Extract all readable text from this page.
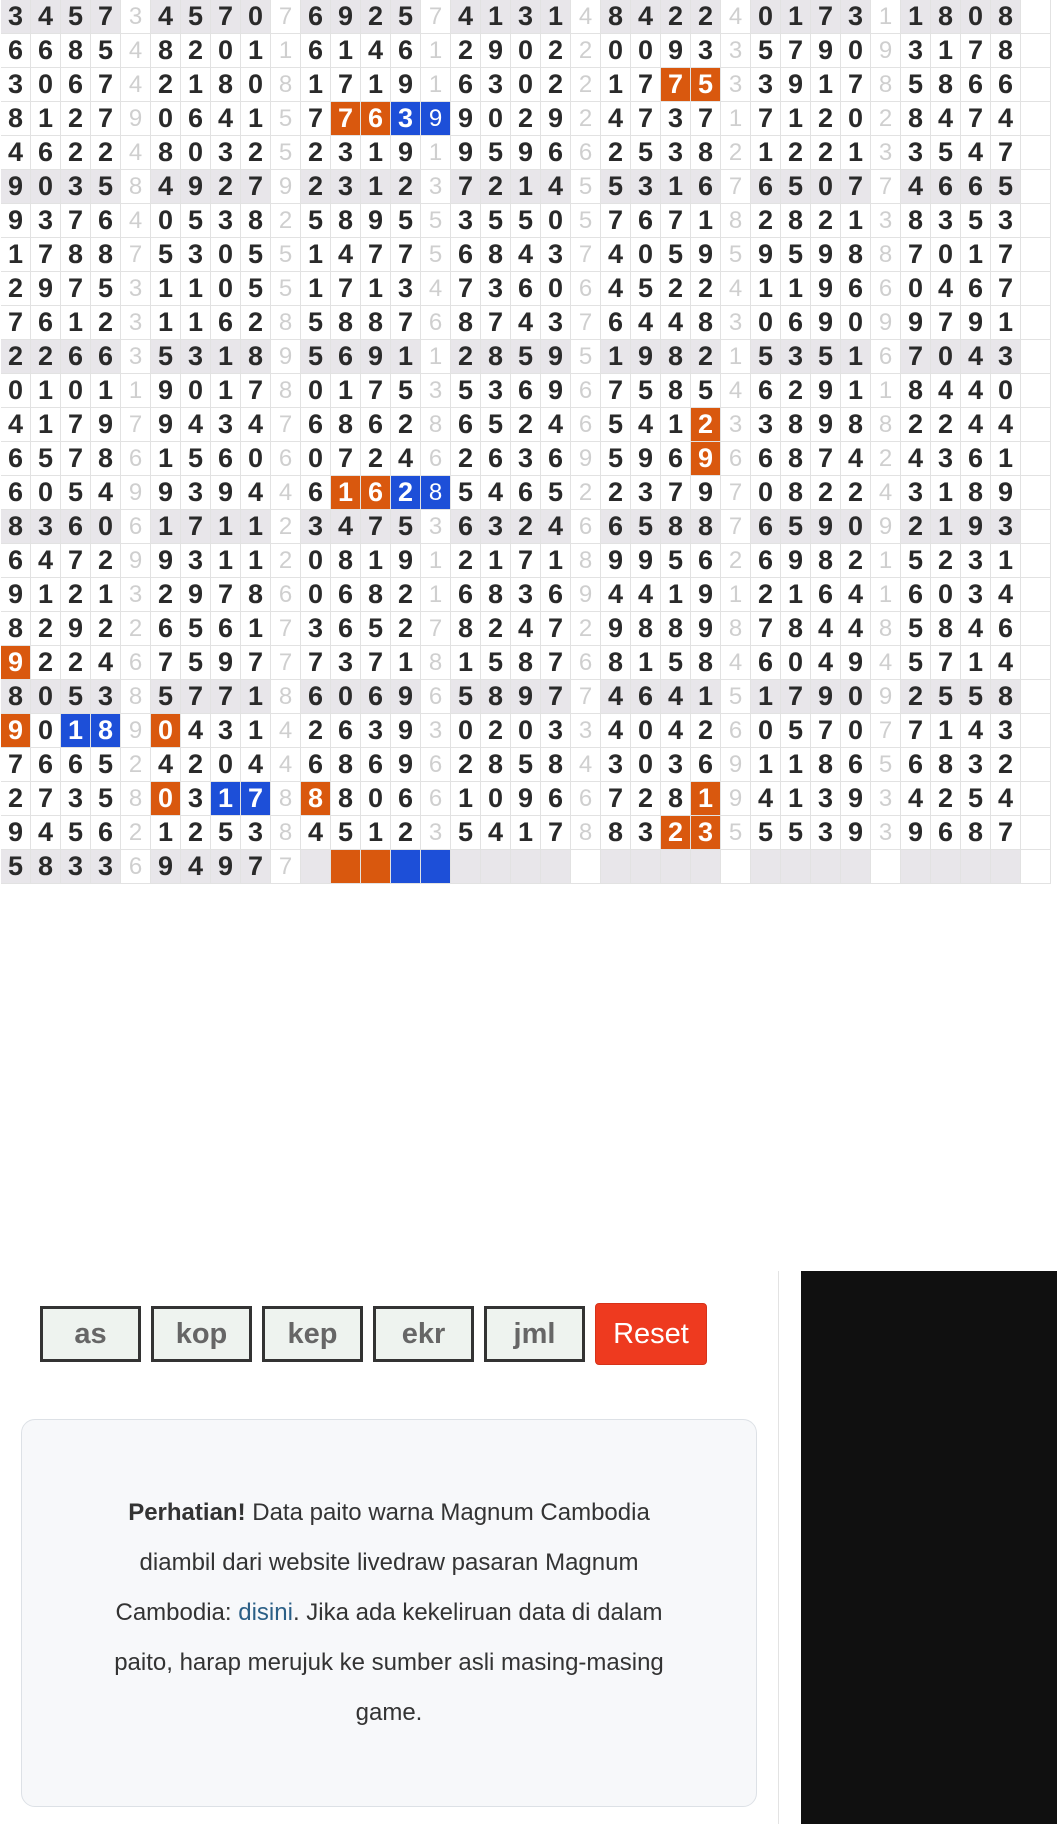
3 4 5 7 3 4 5 7 0 7 6 9 2 5 7 4 1 3 1 4 8 4 2 2 4 0 1 7 3 1 1 8 0 8
6 6 8 5 4 8 2 0 1 1 6 1 4 6 1 2 9 0 2 2 0 0 9 3 3 5 7 9 0 9 3 1 7 8
3 0 6 7 4 2 1 8 0 8 1 7 1 9 1 6 3 0 2 2 1 7 7 5 3 3 9 1 7 8 5 8 6 6
8 1 2 7 9 0 6 4 1 5 7 7 6 3 9 9 0 2 9 2 4 7 3 7 1 7 1 2 0 2 8 4 7 4
4 6 2 2 4 8 0 3 2 5 2 3 1 9 1 9 5 9 6 6 2 5 3 8 2 1 2 2 1 3 3 5 4 7
9 0 3 5 8 4 9 2 7 9 2 3 1 2 3 7 2 1 4 5 5 3 1 6 7 6 5 0 7 7 4 6 6 5
9 3 7 6 4 0 5 3 8 2 5 8 9 5 5 3 5 5 0 5 7 6 7 1 8 2 8 2 1 3 8 3 5 3
1 7 8 8 7 5 3 0 5 5 1 4 7 7 5 6 8 4 3 7 4 0 5 9 5 9 5 9 8 8 7 0 1 7
2 9 7 5 3 1 1 0 5 5 1 7 1 3 4 7 3 6 0 6 4 5 2 2 4 1 1 9 6 6 0 4 6 7
7 6 1 2 3 1 1 6 2 8 5 8 8 7 6 8 7 4 3 7 6 4 4 8 3 0 6 9 0 9 9 7 9 1
2 2 6 6 3 5 3 1 8 9 5 6 9 1 1 2 8 5 9 5 1 9 8 2 1 5 3 5 1 6 7 0 4 3
0 1 0 1 1 9 0 1 7 8 0 1 7 5 3 5 3 6 9 6 7 5 8 5 4 6 2 9 1 1 8 4 4 0
4 1 7 9 7 9 4 3 4 7 6 8 6 2 8 6 5 2 4 6 5 4 1 2 3 3 8 9 8 8 2 2 4 4
6 5 7 8 6 1 5 6 0 6 0 7 2 4 6 2 6 3 6 9 5 9 6 9 6 6 8 7 4 2 4 3 6 1
6 0 5 4 9 9 3 9 4 4 6 1 6 2 8 5 4 6 5 2 2 3 7 9 7 0 8 2 2 4 3 1 8 9
8 3 6 0 6 1 7 1 1 2 3 4 7 5 3 6 3 2 4 6 6 5 8 8 7 6 5 9 0 9 2 1 9 3
6 4 7 2 9 9 3 1 1 2 0 8 1 9 1 2 1 7 1 8 9 9 5 6 2 6 9 8 2 1 5 2 3 1
9 1 2 1 3 2 9 7 8 6 0 6 8 2 1 6 8 3 6 9 4 4 1 9 1 2 1 6 4 1 6 0 3 4
8 2 9 2 2 6 5 6 1 7 3 6 5 2 7 8 2 4 7 2 9 8 8 9 8 7 8 4 4 8 5 8 4 6
9 2 2 4 6 7 5 9 7 7 7 3 7 1 8 1 5 8 7 6 8 1 5 8 4 6 0 4 9 4 5 7 1 4
8 0 5 3 8 5 7 7 1 8 6 0 6 9 6 5 8 9 7 7 4 6 4 1 5 1 7 9 0 9 2 5 5 8
9 0 1 8 9 0 4 3 1 4 2 6 3 9 3 0 2 0 3 3 4 0 4 2 6 0 5 7 0 7 7 1 4 3
7 6 6 5 2 4 2 0 4 4 6 8 6 9 6 2 8 5 8 4 3 0 3 6 9 1 1 8 6 5 6 8 3 2
2 7 3 5 8 0 3 1 7 8 8 8 0 6 6 1 0 9 6 6 7 2 8 1 9 4 1 3 9 3 4 2 5 4
9 4 5 6 2 1 2 5 3 8 4 5 1 2 3 5 4 1 7 8 8 3 2 3 5 5 5 3 9 3 9 6 8 7
5 8 3 3 6 9 4 9 7 7
as	kop	kep	ekr	jml	Reset

Perhatian! Data paito warna Magnum Cambodia diambil dari website livedraw pasaran Magnum Cambodia: disini. Jika ada kekeliruan data di dalam paito, harap merujuk ke sumber asli masing-masing game.
